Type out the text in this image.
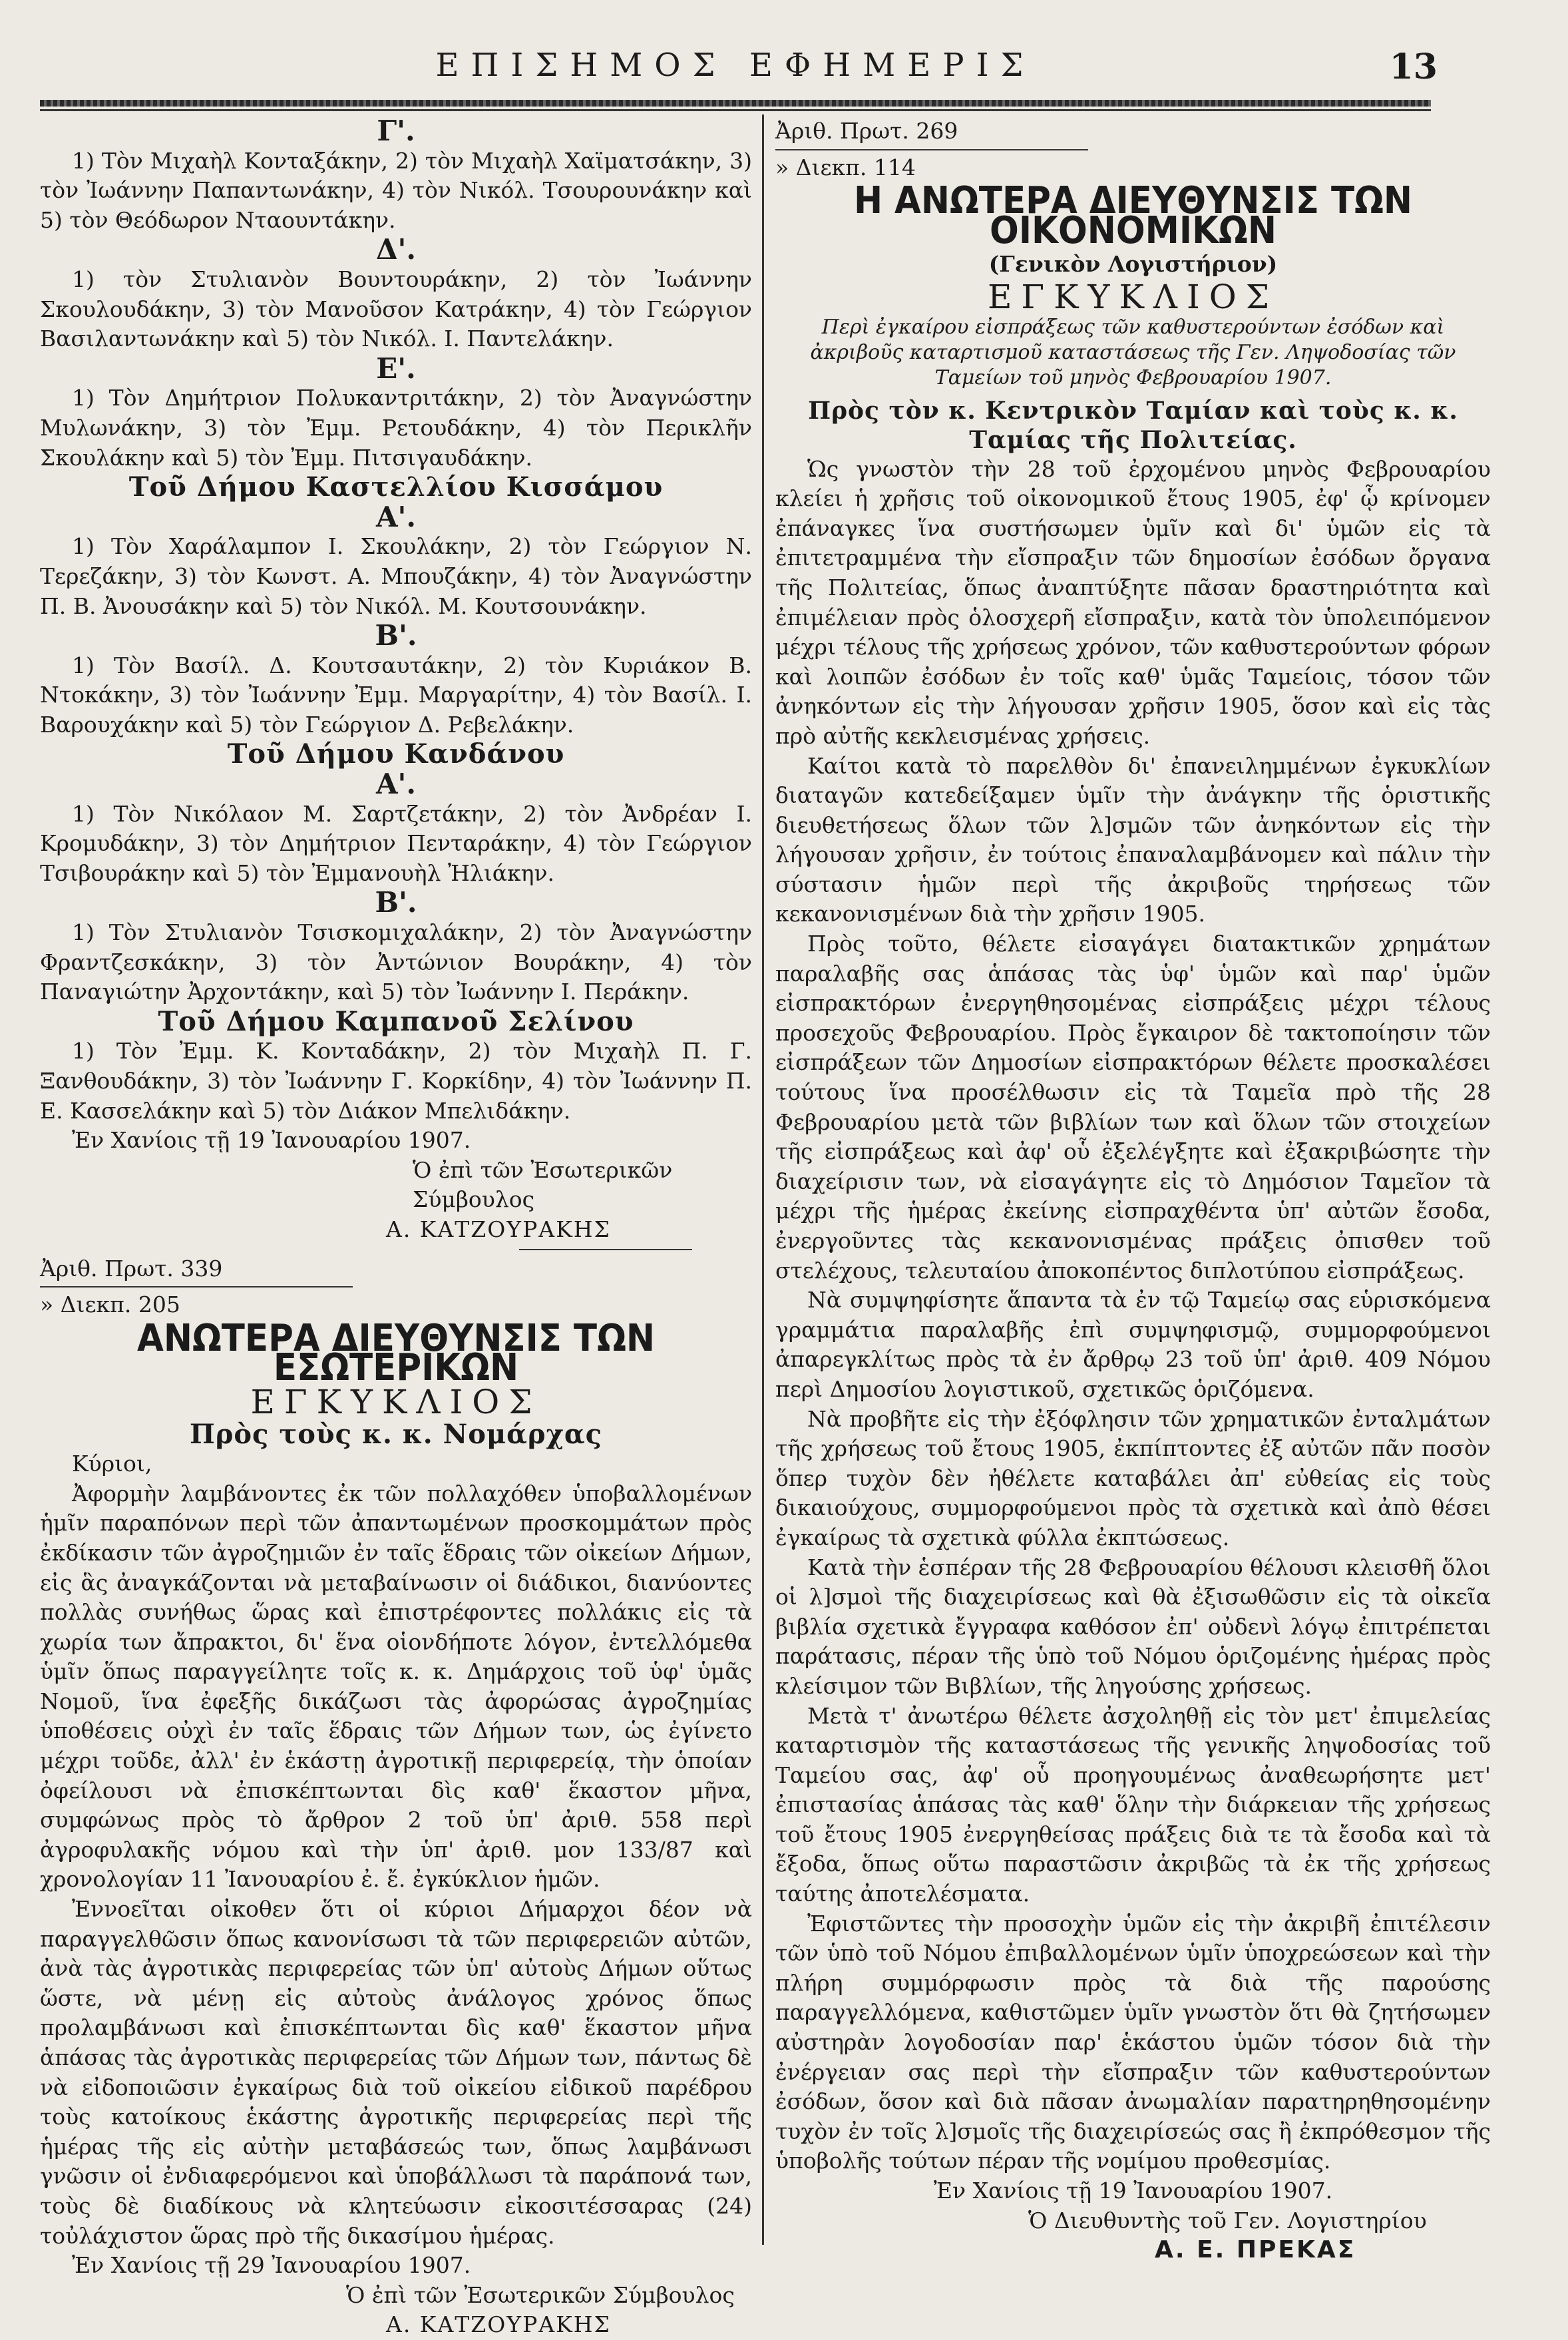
ΕΠΙΣΗΜΟΣ ΕΦΗΜΕΡΙΣ	13

Γ'.

1) Τὸν Μιχαὴλ Κονταξάκην, 2) τὸν Μιχαὴλ Χαϊματσάκην, 3) τὸν Ἰωάννην Παπαντωνάκην, 4) τὸν Νικόλ. Τσουρουνάκην καὶ 5) τὸν Θεόδωρον Νταουντάκην.

Δ'.

1) τὸν Στυλιανὸν Βουντουράκην, 2) τὸν Ἰωάννην Σκουλουδάκην, 3) τὸν Μανοῦσον Κατράκην, 4) τὸν Γεώργιον Βασιλαντωνάκην καὶ 5) τὸν Νικόλ. Ι. Παντελάκην.

Ε'.

1) Τὸν Δημήτριον Πολυκαντριτάκην, 2) τὸν Ἀναγνώστην Μυλωνάκην, 3) τὸν Ἐμμ. Ρετουδάκην, 4) τὸν Περικλῆν Σκουλάκην καὶ 5) τὸν Ἐμμ. Πιτσιγαυδάκην.

Τοῦ Δήμου Καστελλίου Κισσάμου

Α'.

1) Τὸν Χαράλαμπον Ι. Σκουλάκην, 2) τὸν Γεώργιον Ν. Τερεζάκην, 3) τὸν Κωνστ. Α. Μπουζάκην, 4) τὸν Ἀναγνώστην Π. Β. Ἀνουσάκην καὶ 5) τὸν Νικόλ. Μ. Κουτσουνάκην.

Β'.

1) Τὸν Βασίλ. Δ. Κουτσαυτάκην, 2) τὸν Κυριάκον Β. Ντοκάκην, 3) τὸν Ἰωάννην Ἐμμ. Μαργαρίτην, 4) τὸν Βασίλ. Ι. Βαρουχάκην καὶ 5) τὸν Γεώργιον Δ. Ρεβελάκην.

Τοῦ Δήμου Κανδάνου

Α'.

1) Τὸν Νικόλαον Μ. Σαρτζετάκην, 2) τὸν Ἀνδρέαν Ι. Κρομυδάκην, 3) τὸν Δημήτριον Πενταράκην, 4) τὸν Γεώργιον Τσιβουράκην καὶ 5) τὸν Ἐμμανουὴλ Ἠλιάκην.

Β'.

1) Τὸν Στυλιανὸν Τσισκομιχαλάκην, 2) τὸν Ἀναγνώστην Φραντζεσκάκην, 3) τὸν Ἀντώνιον Βουράκην, 4) τὸν Παναγιώτην Ἀρχοντάκην, καὶ 5) τὸν Ἰωάννην Ι. Περάκην.

Τοῦ Δήμου Καμπανοῦ Σελίνου

1) Τὸν Ἐμμ. Κ. Κονταδάκην, 2) τὸν Μιχαὴλ Π. Γ. Ξανθουδάκην, 3) τὸν Ἰωάννην Γ. Κορκίδην, 4) τὸν Ἰωάννην Π. Ε. Κασσελάκην καὶ 5) τὸν Διάκον Μπελιδάκην.

Ἐν Χανίοις τῇ 19 Ἰανουαρίου 1907.

Ὁ ἐπὶ τῶν Ἐσωτερικῶν Σύμβουλος

Α. ΚΑΤΖΟΥΡΑΚΗΣ

Ἀριθ. Πρωτ. 339

» Διεκπ. 205

ΑΝΩΤΕΡΑ ΔΙΕΥΘΥΝΣΙΣ ΤΩΝ ΕΣΩΤΕΡΙΚΩΝ

ΕΓΚΥΚΛΙΟΣ

Πρὸς τοὺς κ. κ. Νομάρχας

Κύριοι,

Ἀφορμὴν λαμβάνοντες ἐκ τῶν πολλαχόθεν ὑποβαλλομένων ἡμῖν παραπόνων περὶ τῶν ἀπαντωμένων προσκομμάτων πρὸς ἐκδίκασιν τῶν ἀγροζημιῶν ἐν ταῖς ἕδραις τῶν οἰκείων Δήμων, εἰς ἃς ἀναγκάζονται νὰ μεταβαίνωσιν οἱ διάδικοι, διανύοντες πολλὰς συνήθως ὥρας καὶ ἐπιστρέφοντες πολλάκις εἰς τὰ χωρία των ἄπρακτοι, δι' ἕνα οἱονδήποτε λόγον, ἐντελλόμεθα ὑμῖν ὅπως παραγγείλητε τοῖς κ. κ. Δημάρχοις τοῦ ὑφ' ὑμᾶς Νομοῦ, ἵνα ἐφεξῆς δικάζωσι τὰς ἀφορώσας ἀγροζημίας ὑποθέσεις οὐχὶ ἐν ταῖς ἕδραις τῶν Δήμων των, ὡς ἐγίνετο μέχρι τοῦδε, ἀλλ' ἐν ἑκάστῃ ἀγροτικῇ περιφερείᾳ, τὴν ὁποίαν ὀφείλουσι νὰ ἐπισκέπτωνται δὶς καθ' ἕκαστον μῆνα, συμφώνως πρὸς τὸ ἄρθρον 2 τοῦ ὑπ' ἀριθ. 558 περὶ ἀγροφυλακῆς νόμου καὶ τὴν ὑπ' ἀριθ. μον 133/87 καὶ χρονολογίαν 11 Ἰανουαρίου ἐ. ἔ. ἐγκύκλιον ἡμῶν.

Ἐννοεῖται οἰκοθεν ὅτι οἱ κύριοι Δήμαρχοι δέον νὰ παραγγελθῶσιν ὅπως κανονίσωσι τὰ τῶν περιφερειῶν αὐτῶν, ἀνὰ τὰς ἀγροτικὰς περιφερείας τῶν ὑπ' αὐτοὺς Δήμων οὕτως ὥστε, νὰ μένῃ εἰς αὐτοὺς ἀνάλογος χρόνος ὅπως προλαμβάνωσι καὶ ἐπισκέπτωνται δὶς καθ' ἕκαστον μῆνα ἁπάσας τὰς ἀγροτικὰς περιφερείας τῶν Δήμων των, πάντως δὲ νὰ εἰδοποιῶσιν ἐγκαίρως διὰ τοῦ οἰκείου εἰδικοῦ παρέδρου τοὺς κατοίκους ἑκάστης ἀγροτικῆς περιφερείας περὶ τῆς ἡμέρας τῆς εἰς αὐτὴν μεταβάσεώς των, ὅπως λαμβάνωσι γνῶσιν οἱ ἐνδιαφερόμενοι καὶ ὑποβάλλωσι τὰ παράπονά των, τοὺς δὲ διαδίκους νὰ κλητεύωσιν εἰκοσιτέσσαρας (24) τοὐλάχιστον ὥρας πρὸ τῆς δικασίμου ἡμέρας.

Ἐν Χανίοις τῇ 29 Ἰανουαρίου 1907.

Ὁ ἐπὶ τῶν Ἐσωτερικῶν Σύμβουλος

Α. ΚΑΤΖΟΥΡΑΚΗΣ

Ἀριθ. Πρωτ. 269

» Διεκπ. 114

Η ΑΝΩΤΕΡΑ ΔΙΕΥΘΥΝΣΙΣ ΤΩΝ ΟΙΚΟΝΟΜΙΚΩΝ

(Γενικὸν Λογιστήριον)

ΕΓΚΥΚΛΙΟΣ

Περὶ ἐγκαίρου εἰσπράξεως τῶν καθυστερούντων ἐσόδων καὶ ἀκριβοῦς καταρτισμοῦ καταστάσεως τῆς Γεν. Ληψοδοσίας τῶν Ταμείων τοῦ μηνὸς Φεβρουαρίου 1907.

Πρὸς τὸν κ. Κεντρικὸν Ταμίαν καὶ τοὺς κ. κ. Ταμίας τῆς Πολιτείας.

Ὡς γνωστὸν τὴν 28 τοῦ ἐρχομένου μηνὸς Φεβρουαρίου κλείει ἡ χρῆσις τοῦ οἰκονομικοῦ ἔτους 1905, ἐφ' ᾧ κρίνομεν ἐπάναγκες ἵνα συστήσωμεν ὑμῖν καὶ δι' ὑμῶν εἰς τὰ ἐπιτετραμμένα τὴν εἴσπραξιν τῶν δημοσίων ἐσόδων ὄργανα τῆς Πολιτείας, ὅπως ἀναπτύξητε πᾶσαν δραστηριότητα καὶ ἐπιμέλειαν πρὸς ὁλοσχερῆ εἴσπραξιν, κατὰ τὸν ὑπολειπόμενον μέχρι τέλους τῆς χρήσεως χρόνον, τῶν καθυστερούντων φόρων καὶ λοιπῶν ἐσόδων ἐν τοῖς καθ' ὑμᾶς Ταμείοις, τόσον τῶν ἀνηκόντων εἰς τὴν λήγουσαν χρῆσιν 1905, ὅσον καὶ εἰς τὰς πρὸ αὐτῆς κεκλεισμένας χρήσεις.

Καίτοι κατὰ τὸ παρελθὸν δι' ἐπανειλημμένων ἐγκυκλίων διαταγῶν κατεδείξαμεν ὑμῖν τὴν ἀνάγκην τῆς ὁριστικῆς διευθετήσεως ὅλων τῶν λ]σμῶν τῶν ἀνηκόντων εἰς τὴν λήγουσαν χρῆσιν, ἐν τούτοις ἐπαναλαμβάνομεν καὶ πάλιν τὴν σύστασιν ἡμῶν περὶ τῆς ἀκριβοῦς τηρήσεως τῶν κεκανονισμένων διὰ τὴν χρῆσιν 1905.

Πρὸς τοῦτο, θέλετε εἰσαγάγει διατακτικῶν χρημάτων παραλαβῆς σας ἁπάσας τὰς ὑφ' ὑμῶν καὶ παρ' ὑμῶν εἰσπρακτόρων ἐνεργηθησομένας εἰσπράξεις μέχρι τέλους προσεχοῦς Φεβρουαρίου. Πρὸς ἔγκαιρον δὲ τακτοποίησιν τῶν εἰσπράξεων τῶν Δημοσίων εἰσπρακτόρων θέλετε προσκαλέσει τούτους ἵνα προσέλθωσιν εἰς τὰ Ταμεῖα πρὸ τῆς 28 Φεβρουαρίου μετὰ τῶν βιβλίων των καὶ ὅλων τῶν στοιχείων τῆς εἰσπράξεως καὶ ἀφ' οὗ ἐξελέγξητε καὶ ἐξακριβώσητε τὴν διαχείρισιν των, νὰ εἰσαγάγητε εἰς τὸ Δημόσιον Ταμεῖον τὰ μέχρι τῆς ἡμέρας ἐκείνης εἰσπραχθέντα ὑπ' αὐτῶν ἔσοδα, ἐνεργοῦντες τὰς κεκανονισμένας πράξεις ὀπισθεν τοῦ στελέχους, τελευταίου ἀποκοπέντος διπλοτύπου εἰσπράξεως.

Νὰ συμψηφίσητε ἅπαντα τὰ ἐν τῷ Ταμείῳ σας εὑρισκόμενα γραμμάτια παραλαβῆς ἐπὶ συμψηφισμῷ, συμμορφούμενοι ἀπαρεγκλίτως πρὸς τὰ ἐν ἄρθρῳ 23 τοῦ ὑπ' ἀριθ. 409 Νόμου περὶ Δημοσίου λογιστικοῦ, σχετικῶς ὁριζόμενα.

Νὰ προβῆτε εἰς τὴν ἐξόφλησιν τῶν χρηματικῶν ἐνταλμάτων τῆς χρήσεως τοῦ ἔτους 1905, ἐκπίπτοντες ἐξ αὐτῶν πᾶν ποσὸν ὅπερ τυχὸν δὲν ἠθέλετε καταβάλει ἀπ' εὐθείας εἰς τοὺς δικαιούχους, συμμορφούμενοι πρὸς τὰ σχετικὰ καὶ ἀπὸ θέσει ἐγκαίρως τὰ σχετικὰ φύλλα ἐκπτώσεως.

Κατὰ τὴν ἑσπέραν τῆς 28 Φεβρουαρίου θέλουσι κλεισθῆ ὅλοι οἱ λ]σμοὶ τῆς διαχειρίσεως καὶ θὰ ἐξισωθῶσιν εἰς τὰ οἰκεῖα βιβλία σχετικὰ ἔγγραφα καθόσον ἐπ' οὐδενὶ λόγῳ ἐπιτρέπεται παράτασις, πέραν τῆς ὑπὸ τοῦ Νόμου ὁριζομένης ἡμέρας πρὸς κλείσιμον τῶν Βιβλίων, τῆς ληγούσης χρήσεως.

Μετὰ τ' ἀνωτέρω θέλετε ἀσχοληθῇ εἰς τὸν μετ' ἐπιμελείας καταρτισμὸν τῆς καταστάσεως τῆς γενικῆς ληψοδοσίας τοῦ Ταμείου σας, ἀφ' οὗ προηγουμένως ἀναθεωρήσητε μετ' ἐπιστασίας ἁπάσας τὰς καθ' ὅλην τὴν διάρκειαν τῆς χρήσεως τοῦ ἔτους 1905 ἐνεργηθείσας πράξεις διὰ τε τὰ ἔσοδα καὶ τὰ ἔξοδα, ὅπως οὕτω παραστῶσιν ἀκριβῶς τὰ ἐκ τῆς χρήσεως ταύτης ἀποτελέσματα.

Ἐφιστῶντες τὴν προσοχὴν ὑμῶν εἰς τὴν ἀκριβῆ ἐπιτέλεσιν τῶν ὑπὸ τοῦ Νόμου ἐπιβαλλομένων ὑμῖν ὑποχρεώσεων καὶ τὴν πλήρη συμμόρφωσιν πρὸς τὰ διὰ τῆς παρούσης παραγγελλόμενα, καθιστῶμεν ὑμῖν γνωστὸν ὅτι θὰ ζητήσωμεν αὐστηρὰν λογοδοσίαν παρ' ἑκάστου ὑμῶν τόσον διὰ τὴν ἐνέργειαν σας περὶ τὴν εἴσπραξιν τῶν καθυστερούντων ἐσόδων, ὅσον καὶ διὰ πᾶσαν ἀνωμαλίαν παρατηρηθησομένην τυχὸν ἐν τοῖς λ]σμοῖς τῆς διαχειρίσεώς σας ἢ ἐκπρόθεσμον τῆς ὑποβολῆς τούτων πέραν τῆς νομίμου προθεσμίας.

Ἐν Χανίοις τῇ 19 Ἰανουαρίου 1907.

Ὁ Διευθυντὴς τοῦ Γεν. Λογιστηρίου

Α. Ε. ΠΡΕΚΑΣ
